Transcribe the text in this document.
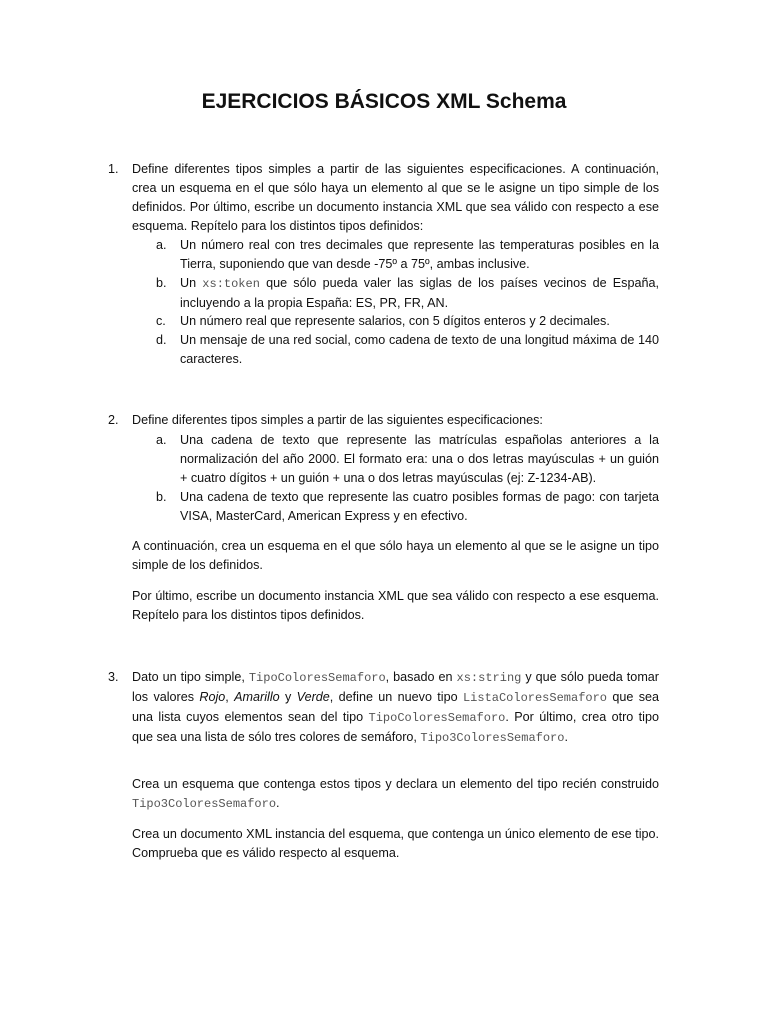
EJERCICIOS BÁSICOS XML Schema

1. Define diferentes tipos simples a partir de las siguientes especificaciones. A continuación, crea un esquema en el que sólo haya un elemento al que se le asigne un tipo simple de los definidos. Por último, escribe un documento instancia XML que sea válido con respecto a ese esquema. Repítelo para los distintos tipos definidos:

a. Un número real con tres decimales que represente las temperaturas posibles en la Tierra, suponiendo que van desde -75º a 75º, ambas inclusive.

b. Un xs:token que sólo pueda valer las siglas de los países vecinos de España, incluyendo a la propia España: ES, PR, FR, AN.

c. Un número real que represente salarios, con 5 dígitos enteros y 2 decimales.

d. Un mensaje de una red social, como cadena de texto de una longitud máxima de 140 caracteres.

2. Define diferentes tipos simples a partir de las siguientes especificaciones:

a. Una cadena de texto que represente las matrículas españolas anteriores a la normalización del año 2000. El formato era: una o dos letras mayúsculas + un guión + cuatro dígitos + un guión + una o dos letras mayúsculas (ej: Z-1234-AB).

b. Una cadena de texto que represente las cuatro posibles formas de pago: con tarjeta VISA, MasterCard, American Express y en efectivo.

A continuación, crea un esquema en el que sólo haya un elemento al que se le asigne un tipo simple de los definidos.

Por último, escribe un documento instancia XML que sea válido con respecto a ese esquema. Repítelo para los distintos tipos definidos.

3. Dato un tipo simple, TipoColoresSemaforo, basado en xs:string y que sólo pueda tomar los valores Rojo, Amarillo y Verde, define un nuevo tipo ListaColoresSemaforo que sea una lista cuyos elementos sean del tipo TipoColoresSemaforo. Por último, crea otro tipo que sea una lista de sólo tres colores de semáforo, Tipo3ColoresSemaforo.

Crea un esquema que contenga estos tipos y declara un elemento del tipo recién construido Tipo3ColoresSemaforo.

Crea un documento XML instancia del esquema, que contenga un único elemento de ese tipo. Comprueba que es válido respecto al esquema.
